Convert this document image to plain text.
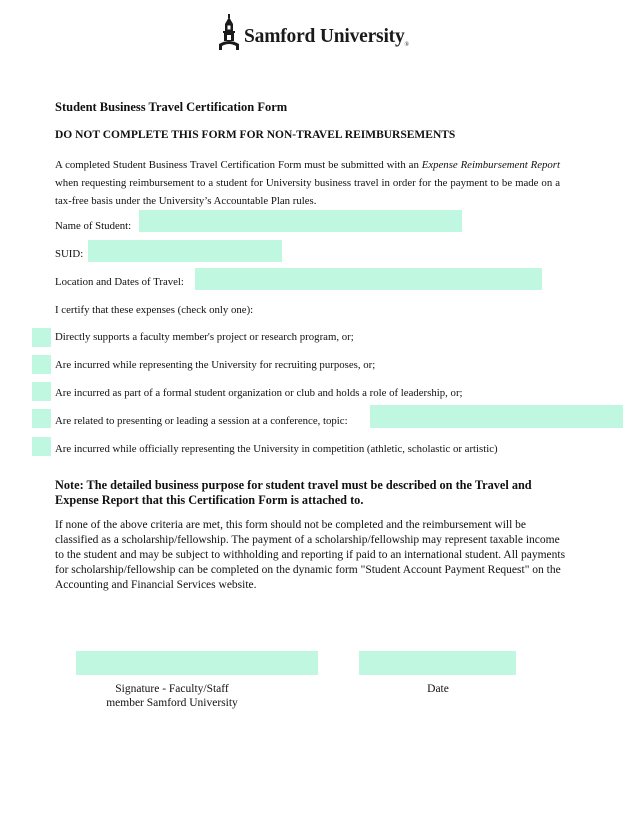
Samford University®
Student Business Travel Certification Form
DO NOT COMPLETE THIS FORM FOR NON-TRAVEL REIMBURSEMENTS
A completed Student Business Travel Certification Form must be submitted with an Expense Reimbursement Report when requesting reimbursement to a student for University business travel in order for the payment to be made on a tax-free basis under the University’s Accountable Plan rules.
Name of Student:
SUID:
Location and Dates of Travel:
I certify that these expenses (check only one):
Directly supports a faculty member's project or research program, or;
Are incurred while representing the University for recruiting purposes, or;
Are incurred as part of a formal student organization or club and holds a role of leadership, or;
Are related to presenting or leading a session at a conference, topic:
Are incurred while officially representing the University in competition (athletic, scholastic or artistic)
Note: The detailed business purpose for student travel must be described on the Travel and Expense Report that this Certification Form is attached to.
If none of the above criteria are met, this form should not be completed and the reimbursement will be classified as a scholarship/fellowship. The payment of a scholarship/fellowship may represent taxable income to the student and may be subject to withholding and reporting if paid to an international student. All payments for scholarship/fellowship can be completed on the dynamic form "Student Account Payment Request" on the Accounting and Financial Services website.
Signature - Faculty/Staff
member Samford University
Date
